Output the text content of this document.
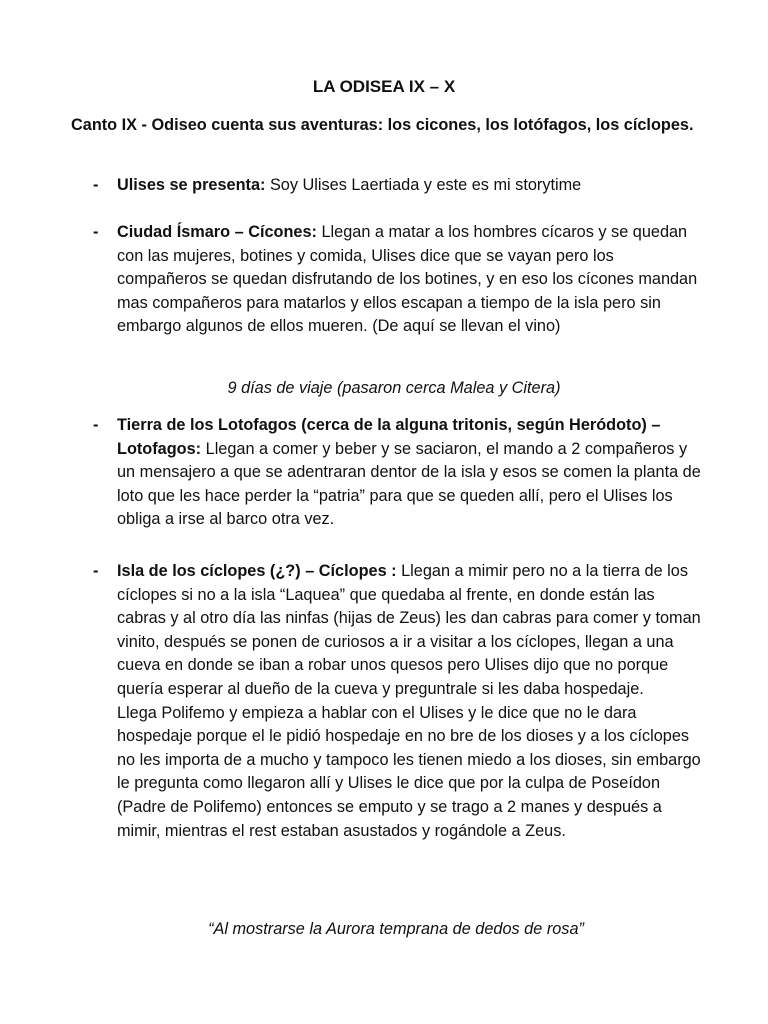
LA ODISEA IX – X
Canto IX - Odiseo cuenta sus aventuras: los cicones, los lotófagos, los cíclopes.
- Ulises se presenta: Soy Ulises Laertiada y este es mi storytime
- Ciudad Ísmaro – Cícones: Llegan a matar a los hombres cícaros y se quedan con las mujeres, botines y comida, Ulises dice que se vayan pero los compañeros se quedan disfrutando de los botines, y en eso los cícones mandan mas compañeros para matarlos y ellos escapan a tiempo de la isla pero sin embargo algunos de ellos mueren. (De aquí se llevan el vino)
9 días de viaje (pasaron cerca Malea y Citera)
- Tierra de los Lotofagos (cerca de la alguna tritonis, según Heródoto) – Lotofagos: Llegan a comer y beber y se saciaron, el mando a 2 compañeros y un mensajero a que se adentraran dentor de la isla y esos se comen la planta de loto que les hace perder la “patria” para que se queden allí, pero el Ulises los obliga a irse al barco otra vez.
- Isla de los cíclopes (¿?) – Cíclopes : Llegan a mimir pero no a la tierra de los cíclopes si no a la isla “Laquea” que quedaba al frente, en donde están las cabras y al otro día las ninfas (hijas de Zeus) les dan cabras para comer y toman vinito, después se ponen de curiosos a ir a visitar a los cíclopes, llegan a una cueva en donde se iban a robar unos quesos pero Ulises dijo que no porque quería esperar al dueño de la cueva y preguntrale si les daba hospedaje.
Llega Polifemo y empieza a hablar con el Ulises y le dice que no le dara hospedaje porque el le pidió hospedaje en no bre de los dioses y a los cíclopes no les importa de a mucho y tampoco les tienen miedo a los dioses, sin embargo le pregunta como llegaron allí y Ulises le dice que por la culpa de Poseídon (Padre de Polifemo) entonces se emputo y se trago a 2 manes y después a mimir, mientras el rest estaban asustados y rogándole a Zeus.
“Al mostrarse la Aurora temprana de dedos de rosa”
